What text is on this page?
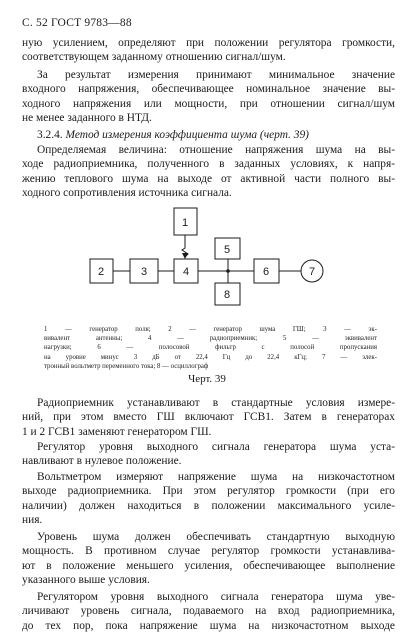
С. 52 ГОСТ 9783—88
ную усилением, определяют при положении регулятора громкости,
соответствующем заданному отношению сигнал/шум.
За результат измерения принимают минимальное значение
входного напряжения, обеспечивающее номинальное значение вы-
ходного напряжения или мощности, при отношении сигнал/шум
не менее заданного в НТД.
3.2.4. Метод измерения коэффициента шума (черт. 39)
Определяемая величина: отношение напряжения шума на вы-
ходе радиоприемника, полученного в заданных условиях, к напря-
жению теплового шума на выходе от активной части полного вы-
ходного сопротивления источника сигнала.
1
2	3	4
5
6	7
8
1 — генератор поля; 2 — генератор шума ГШ; 3 — эк-
вивалент антенны; 4 — радиоприемник; 5 — эквивалент
нагрузки; 6 — полосовой фильтр с полосой пропускания
на уровне минус 3 дБ от 22,4 Гц до 22,4 кГц; 7 — элек-
тронный вольтметр переменного тока; 8 — осциллограф
Черт. 39
Радиоприемник устанавливают в стандартные условия измере-
ний, при этом вместо ГШ включают ГСВ1. Затем в генераторах
1 и 2 ГСВ1 заменяют генератором ГШ.
Регулятор уровня выходного сигнала генератора шума уста-
навливают в нулевое положение.
Вольтметром измеряют напряжение шума на низкочастотном
выходе радиоприемника. При этом регулятор громкости (при его
наличии) должен находиться в положении максимального усиле-
ния.
Уровень шума должен обеспечивать стандартную выходную
мощность. В противном случае регулятор громкости устанавлива-
ют в положение меньшего усиления, обеспечивающее выполнение
указанного выше условия.
Регулятором уровня выходного сигнала генератора шума уве-
личивают уровень сигнала, подаваемого на вход радиоприемника,
до тех пор, пока напряжение шума на низкочастотном выходе
